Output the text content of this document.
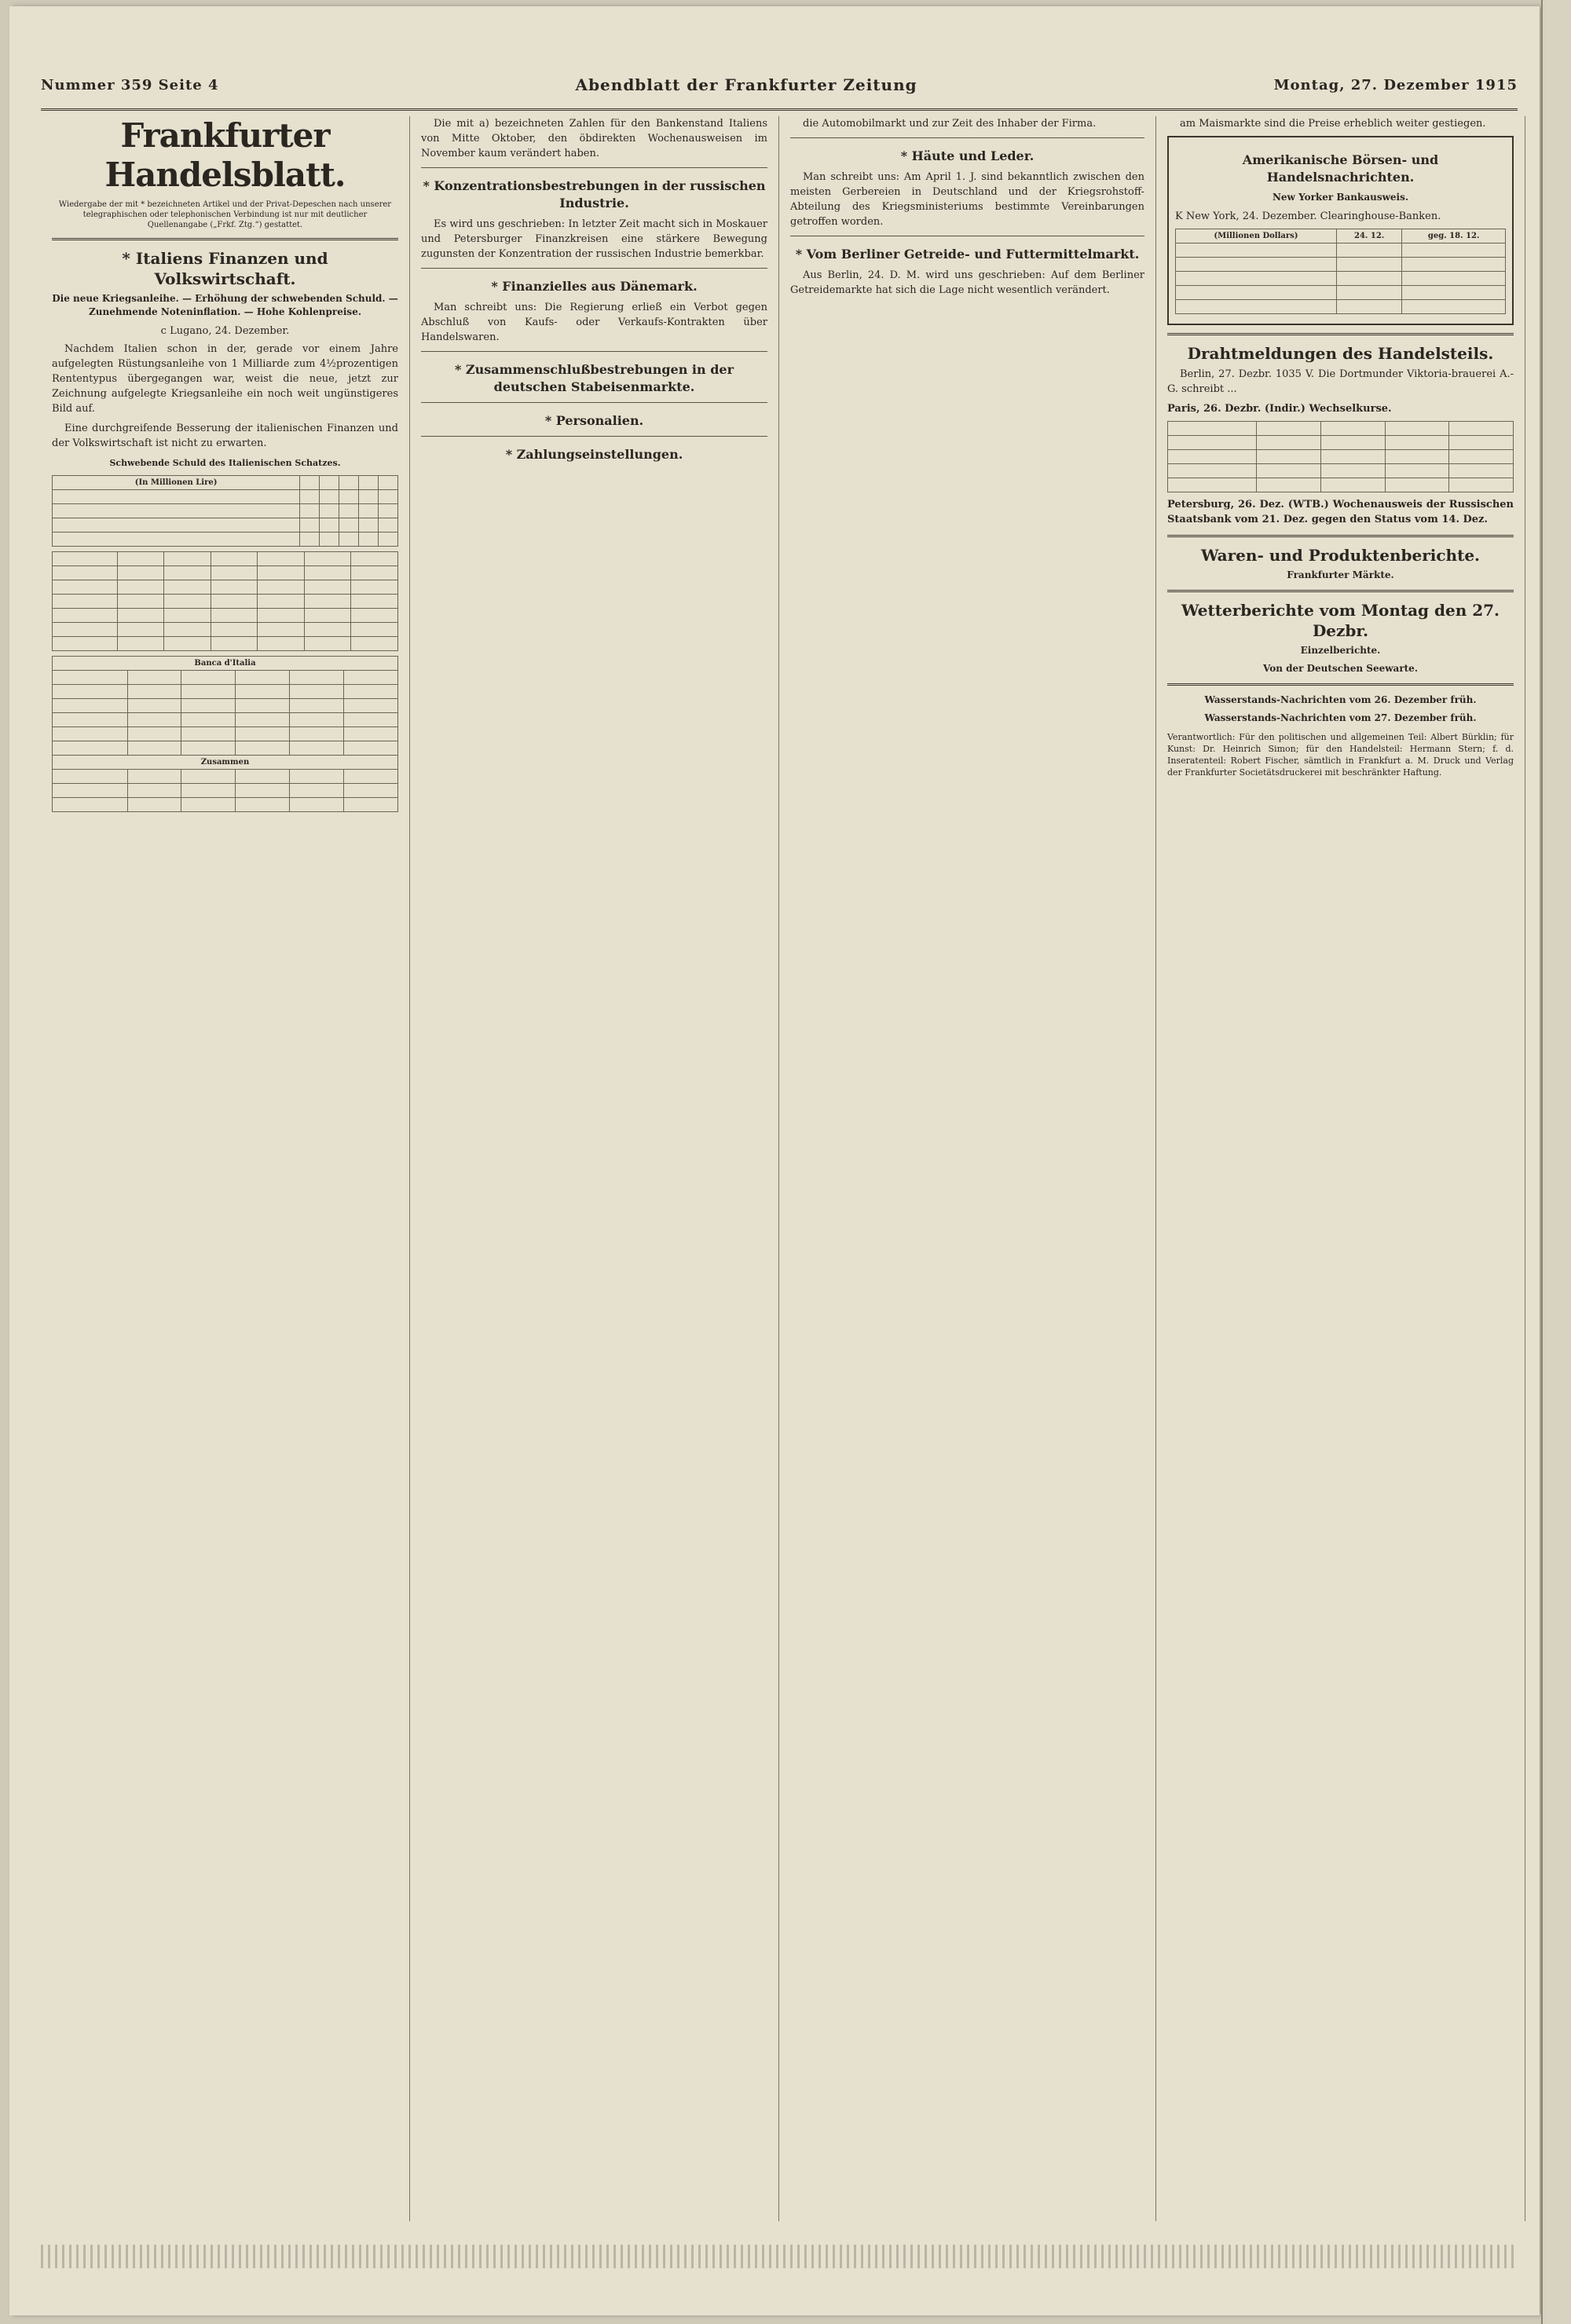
Nummer 359 Seite 4	Abendblatt der Frankfurter Zeitung	Montag, 27. Dezember 1915
Frankfurter Handelsblatt.
Wiedergabe der mit * bezeichneten Artikel und der Privat-Depeschen nach unserer telegraphischen oder telephonischen Verbindung ist nur mit deutlicher Quellenangabe („Frkf. Ztg.“) gestattet.
* Italiens Finanzen und Volkswirtschaft.
Die neue Kriegsanleihe. — Erhöhung der schwebenden Schuld. — Zunehmende Noteninflation. — Hohe Kohlenpreise.
c Lugano, 24. Dezember.

Nachdem Italien schon in der, gerade vor einem Jahre aufgelegten Rüstungsanleihe von 1 Milliarde zum 4½prozentigen Rententypus übergegangen war, weist die neue, jetzt zur Zeichnung aufgelegte Kriegsanleihe ein noch weit ungünstigeres Bild auf.

Eine durchgreifende Besserung der italienischen Finanzen und der Volkswirtschaft ist nicht zu erwarten.

Schwebende Schuld des Italienischen Schatzes.
(In Millionen Lire)					

Banca d'Italia					

Zusammen					

Die mit a) bezeichneten Zahlen für den Bankenstand Italiens von Mitte Oktober, den öbdirekten Wochenausweisen im November kaum verändert haben.

* Konzentrationsbestrebungen in der russischen Industrie.

Es wird uns geschrieben: In letzter Zeit macht sich in Moskauer und Petersburger Finanzkreisen eine stärkere Bewegung zugunsten der Konzentration der russischen Industrie bemerkbar.

* Finanzielles aus Dänemark.

Man schreibt uns: Die Regierung erließ ein Verbot gegen Abschluß von Kaufs- oder Verkaufs-Kontrakten über Handelswaren.

* Zusammenschlußbestrebungen in der deutschen Stabeisenmarkte.
* Personalien.
* Zahlungseinstellungen.

die Automobilmarkt und zur Zeit des Inhaber der Firma.

* Häute und Leder.

Man schreibt uns: Am April 1. J. sind bekanntlich zwischen den meisten Gerbereien in Deutschland und der Kriegsrohstoff-Abteilung des Kriegsministeriums bestimmte Vereinbarungen getroffen worden.

* Vom Berliner Getreide- und Futtermittelmarkt.

Aus Berlin, 24. D. M. wird uns geschrieben: Auf dem Berliner Getreidemarkte hat sich die Lage nicht wesentlich verändert.

am Maismarkte sind die Preise erheblich weiter gestiegen.

Amerikanische Börsen- und Handelsnachrichten.
New Yorker Bankausweis.
K New York, 24. Dezember. Clearinghouse-Banken.
(Millionen Dollars)	24. 12.	geg. 18. 12.

Drahtmeldungen des Handelsteils.

Berlin, 27. Dezbr. 1035 V. Die Dortmunder Viktoria-brauerei A.-G. schreibt ...

Paris, 26. Dezbr. (Indir.) Wechselkurse.

Petersburg, 26. Dez. (WTB.) Wochenausweis der Russischen Staatsbank vom 21. Dez. gegen den Status vom 14. Dez.
Waren- und Produktenberichte.
Frankfurter Märkte.
Wetterberichte vom Montag den 27. Dezbr.
Einzelberichte.
Von der Deutschen Seewarte.
Wasserstands-Nachrichten vom 26. Dezember früh.
Wasserstands-Nachrichten vom 27. Dezember früh.
Verantwortlich: Für den politischen und allgemeinen Teil: Albert Bürklin; für Kunst: Dr. Heinrich Simon; für den Handelsteil: Hermann Stern; f. d. Inseratenteil: Robert Fischer, sämtlich in Frankfurt a. M. Druck und Verlag der Frankfurter Societätsdruckerei mit beschränkter Haftung.
